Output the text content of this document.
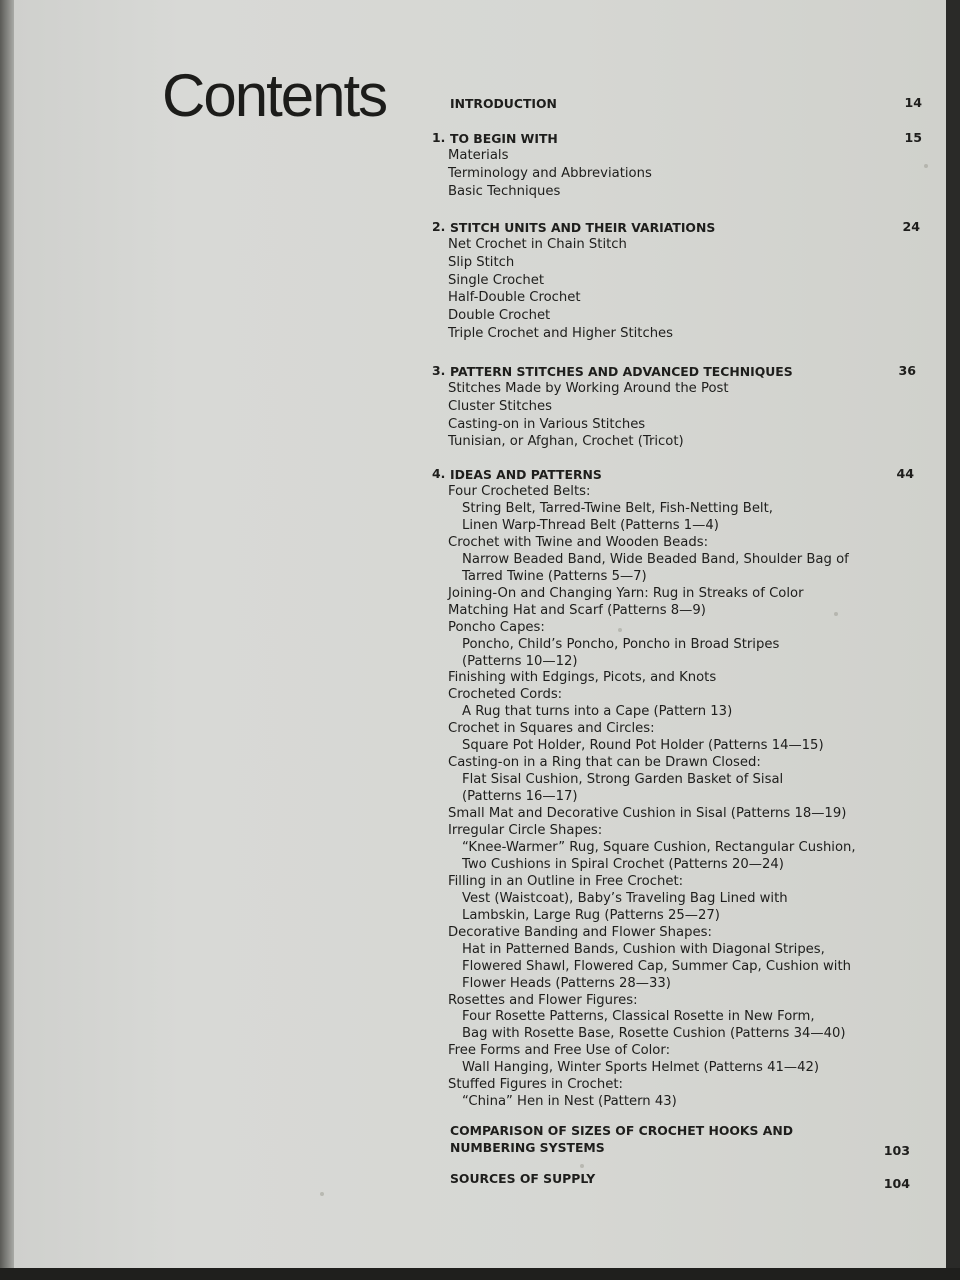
Contents	INTRODUCTION	14
1. TO BEGIN WITH	15
Materials
Terminology and Abbreviations
Basic Techniques
2. STITCH UNITS AND THEIR VARIATIONS	24
Net Crochet in Chain Stitch
Slip Stitch
Single Crochet
Half-Double Crochet
Double Crochet
Triple Crochet and Higher Stitches
3. PATTERN STITCHES AND ADVANCED TECHNIQUES	36
Stitches Made by Working Around the Post
Cluster Stitches
Casting-on in Various Stitches
Tunisian, or Afghan, Crochet (Tricot)
4. IDEAS AND PATTERNS	44
Four Crocheted Belts:
String Belt, Tarred-Twine Belt, Fish-Netting Belt,
Linen Warp-Thread Belt (Patterns 1—4)
Crochet with Twine and Wooden Beads:
Narrow Beaded Band, Wide Beaded Band, Shoulder Bag of
Tarred Twine (Patterns 5—7)
Joining-On and Changing Yarn: Rug in Streaks of Color
Matching Hat and Scarf (Patterns 8—9)
Poncho Capes:
Poncho, Child’s Poncho, Poncho in Broad Stripes
(Patterns 10—12)
Finishing with Edgings, Picots, and Knots
Crocheted Cords:
A Rug that turns into a Cape (Pattern 13)
Crochet in Squares and Circles:
Square Pot Holder, Round Pot Holder (Patterns 14—15)
Casting-on in a Ring that can be Drawn Closed:
Flat Sisal Cushion, Strong Garden Basket of Sisal
(Patterns 16—17)
Small Mat and Decorative Cushion in Sisal (Patterns 18—19)
Irregular Circle Shapes:
“Knee-Warmer” Rug, Square Cushion, Rectangular Cushion,
Two Cushions in Spiral Crochet (Patterns 20—24)
Filling in an Outline in Free Crochet:
Vest (Waistcoat), Baby’s Traveling Bag Lined with
Lambskin, Large Rug (Patterns 25—27)
Decorative Banding and Flower Shapes:
Hat in Patterned Bands, Cushion with Diagonal Stripes,
Flowered Shawl, Flowered Cap, Summer Cap, Cushion with
Flower Heads (Patterns 28—33)
Rosettes and Flower Figures:
Four Rosette Patterns, Classical Rosette in New Form,
Bag with Rosette Base, Rosette Cushion (Patterns 34—40)
Free Forms and Free Use of Color:
Wall Hanging, Winter Sports Helmet (Patterns 41—42)
Stuffed Figures in Crochet:
“China” Hen in Nest (Pattern 43)
COMPARISON OF SIZES OF CROCHET HOOKS AND
NUMBERING SYSTEMS	103
SOURCES OF SUPPLY	104
